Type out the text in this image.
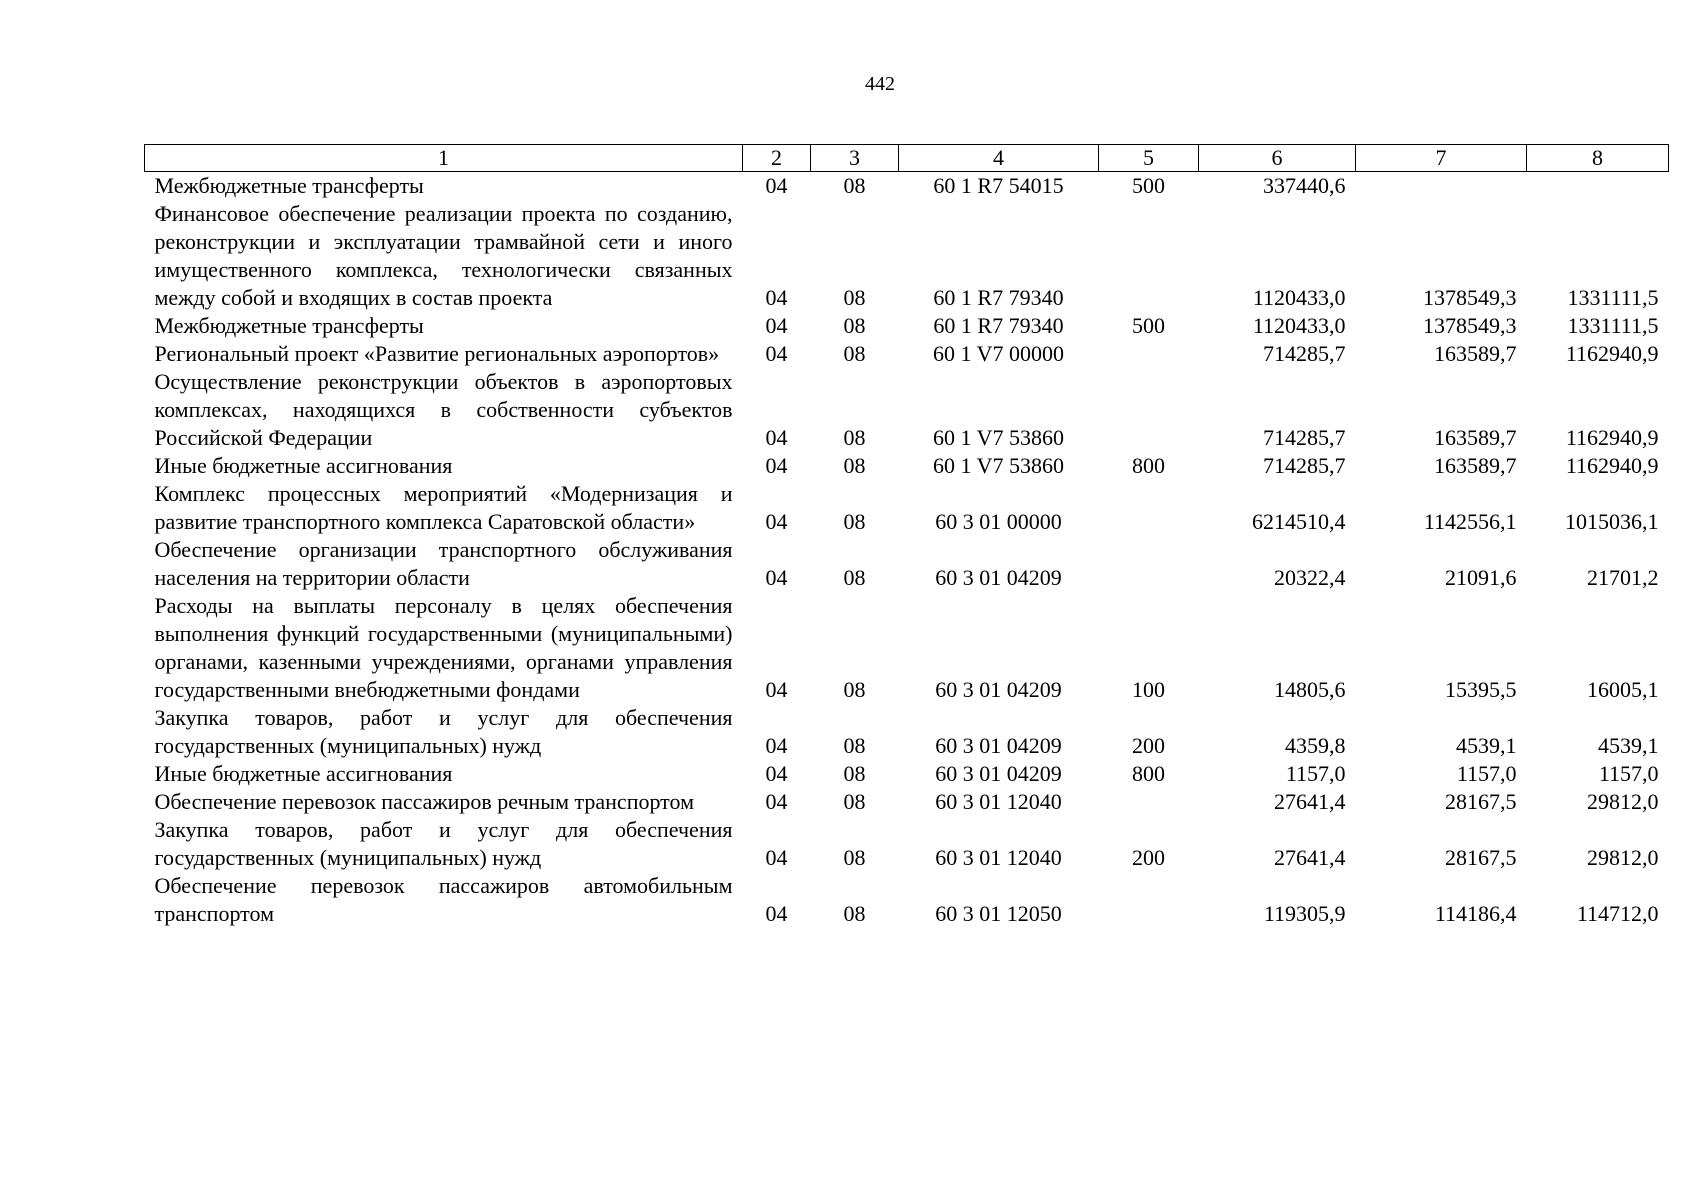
442
1	2	3	4	5	6	7	8
Межбюджетные трансферты	04	08	60 1 R7 54015	500	337440,6		
Финансовое обеспечение реализации проекта по созданию, реконструкции и эксплуатации трамвайной сети и иного имущественного комплекса, технологически связанных между собой и входящих в состав проекта	04	08	60 1 R7 79340		1120433,0	1378549,3	1331111,5
Межбюджетные трансферты	04	08	60 1 R7 79340	500	1120433,0	1378549,3	1331111,5
Региональный проект «Развитие региональных аэропортов»	04	08	60 1 V7 00000		714285,7	163589,7	1162940,9
Осуществление реконструкции объектов в аэропортовых комплексах, находящихся в собственности субъектов Российской Федерации	04	08	60 1 V7 53860		714285,7	163589,7	1162940,9
Иные бюджетные ассигнования	04	08	60 1 V7 53860	800	714285,7	163589,7	1162940,9
Комплекс процессных мероприятий «Модернизация и развитие транспортного комплекса Саратовской области»	04	08	60 3 01 00000		6214510,4	1142556,1	1015036,1
Обеспечение организации транспортного обслуживания населения на территории области	04	08	60 3 01 04209		20322,4	21091,6	21701,2
Расходы на выплаты персоналу в целях обеспечения выполнения функций государственными (муниципальными) органами, казенными учреждениями, органами управления государственными внебюджетными фондами	04	08	60 3 01 04209	100	14805,6	15395,5	16005,1
Закупка товаров, работ и услуг для обеспечения государственных (муниципальных) нужд	04	08	60 3 01 04209	200	4359,8	4539,1	4539,1
Иные бюджетные ассигнования	04	08	60 3 01 04209	800	1157,0	1157,0	1157,0
Обеспечение перевозок пассажиров речным транспортом	04	08	60 3 01 12040		27641,4	28167,5	29812,0
Закупка товаров, работ и услуг для обеспечения государственных (муниципальных) нужд	04	08	60 3 01 12040	200	27641,4	28167,5	29812,0
Обеспечение перевозок пассажиров автомобильным транспортом	04	08	60 3 01 12050		119305,9	114186,4	114712,0
